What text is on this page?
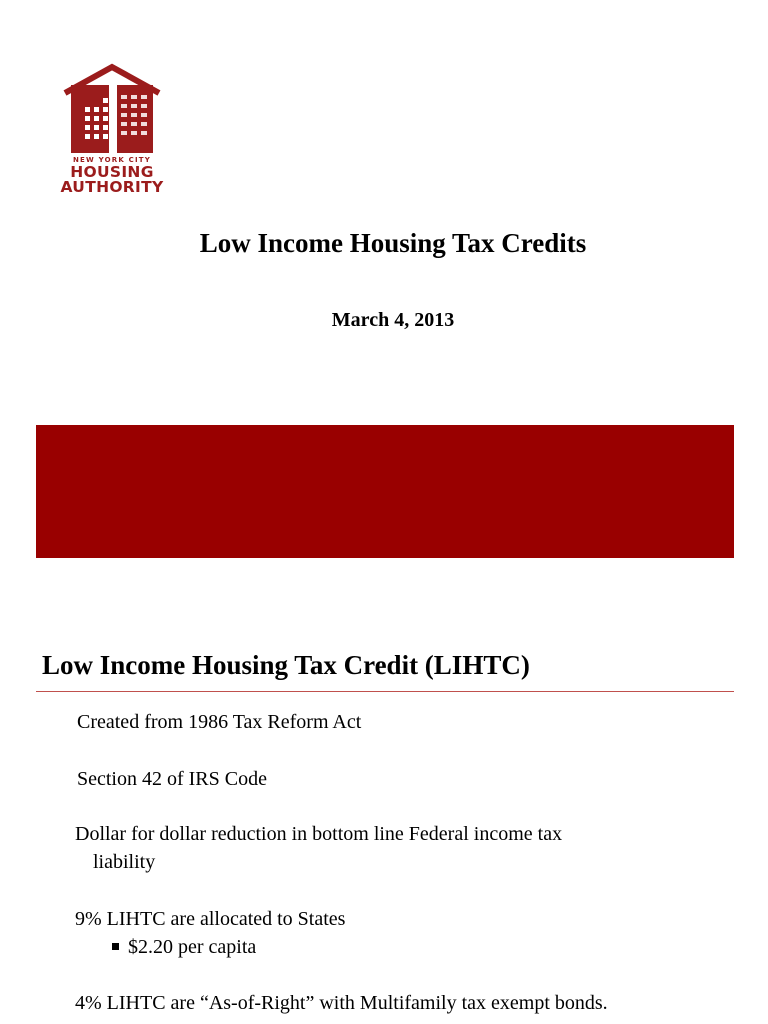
NEW YORK CITY
HOUSING
AUTHORITY
Low Income Housing Tax Credits
March 4, 2013
Low Income Housing Tax Credit (LIHTC)
Created from 1986 Tax Reform Act
Section 42 of IRS Code
Dollar for dollar reduction in bottom line Federal income tax
liability
9% LIHTC are allocated to States
$2.20 per capita
4% LIHTC are “As-of-Right” with Multifamily tax exempt bonds.
